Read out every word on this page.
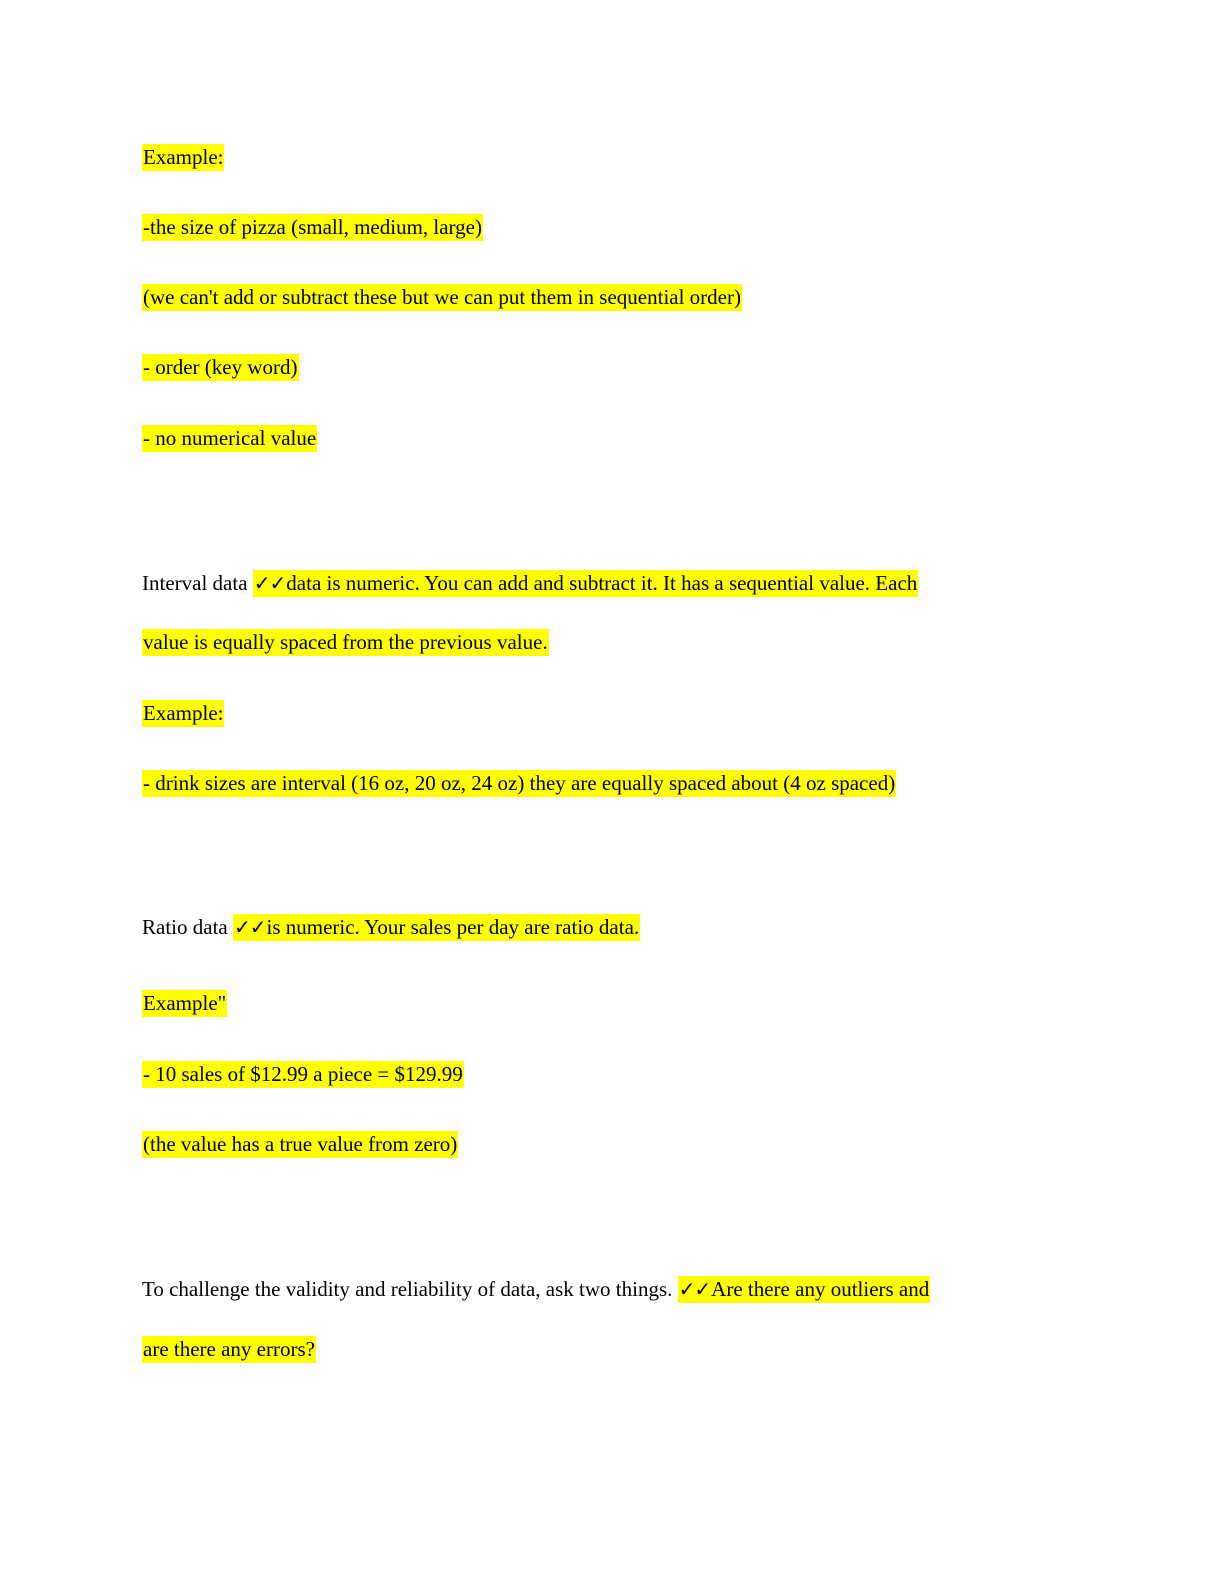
Example:
-the size of pizza (small, medium, large)
(we can't add or subtract these but we can put them in sequential order)
- order (key word)
- no numerical value
Interval data ✓✓data is numeric. You can add and subtract it. It has a sequential value. Each
value is equally spaced from the previous value.
Example:
- drink sizes are interval (16 oz, 20 oz, 24 oz) they are equally spaced about (4 oz spaced)
Ratio data ✓✓is numeric. Your sales per day are ratio data.
Example"
- 10 sales of $12.99 a piece = $129.99
(the value has a true value from zero)
To challenge the validity and reliability of data, ask two things. ✓✓Are there any outliers and
are there any errors?
